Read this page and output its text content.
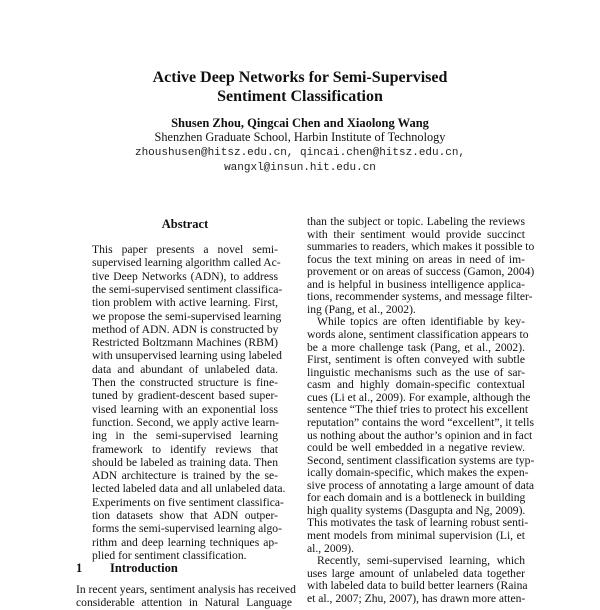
Active Deep Networks for Semi-Supervised
Sentiment Classification
Shusen Zhou, Qingcai Chen and Xiaolong Wang
Shenzhen Graduate School, Harbin Institute of Technology
zhoushusen@hitsz.edu.cn, qincai.chen@hitsz.edu.cn,
wangxl@insun.hit.edu.cn
Abstract
This paper presents a novel semi-
supervised learning algorithm called Ac-
tive Deep Networks (ADN), to address
the semi-supervised sentiment classifica-
tion problem with active learning. First,
we propose the semi-supervised learning
method of ADN. ADN is constructed by
Restricted Boltzmann Machines (RBM)
with unsupervised learning using labeled
data and abundant of unlabeled data.
Then the constructed structure is fine-
tuned by gradient-descent based super-
vised learning with an exponential loss
function. Second, we apply active learn-
ing in the semi-supervised learning
framework to identify reviews that
should be labeled as training data. Then
ADN architecture is trained by the se-
lected labeled data and all unlabeled data.
Experiments on five sentiment classifica-
tion datasets show that ADN outper-
forms the semi-supervised learning algo-
rithm and deep learning techniques ap-
plied for sentiment classification.
1 Introduction
In recent years, sentiment analysis has received
considerable attention in Natural Language
than the subject or topic. Labeling the reviews
with their sentiment would provide succinct
summaries to readers, which makes it possible to
focus the text mining on areas in need of im-
provement or on areas of success (Gamon, 2004)
and is helpful in business intelligence applica-
tions, recommender systems, and message filter-
ing (Pang, et al., 2002).
While topics are often identifiable by key-
words alone, sentiment classification appears to
be a more challenge task (Pang, et al., 2002).
First, sentiment is often conveyed with subtle
linguistic mechanisms such as the use of sar-
casm and highly domain-specific contextual
cues (Li et al., 2009). For example, although the
sentence “The thief tries to protect his excellent
reputation” contains the word “excellent”, it tells
us nothing about the author’s opinion and in fact
could be well embedded in a negative review.
Second, sentiment classification systems are typ-
ically domain-specific, which makes the expen-
sive process of annotating a large amount of data
for each domain and is a bottleneck in building
high quality systems (Dasgupta and Ng, 2009).
This motivates the task of learning robust senti-
ment models from minimal supervision (Li, et
al., 2009).
Recently, semi-supervised learning, which
uses large amount of unlabeled data together
with labeled data to build better learners (Raina
et al., 2007; Zhu, 2007), has drawn more atten-
